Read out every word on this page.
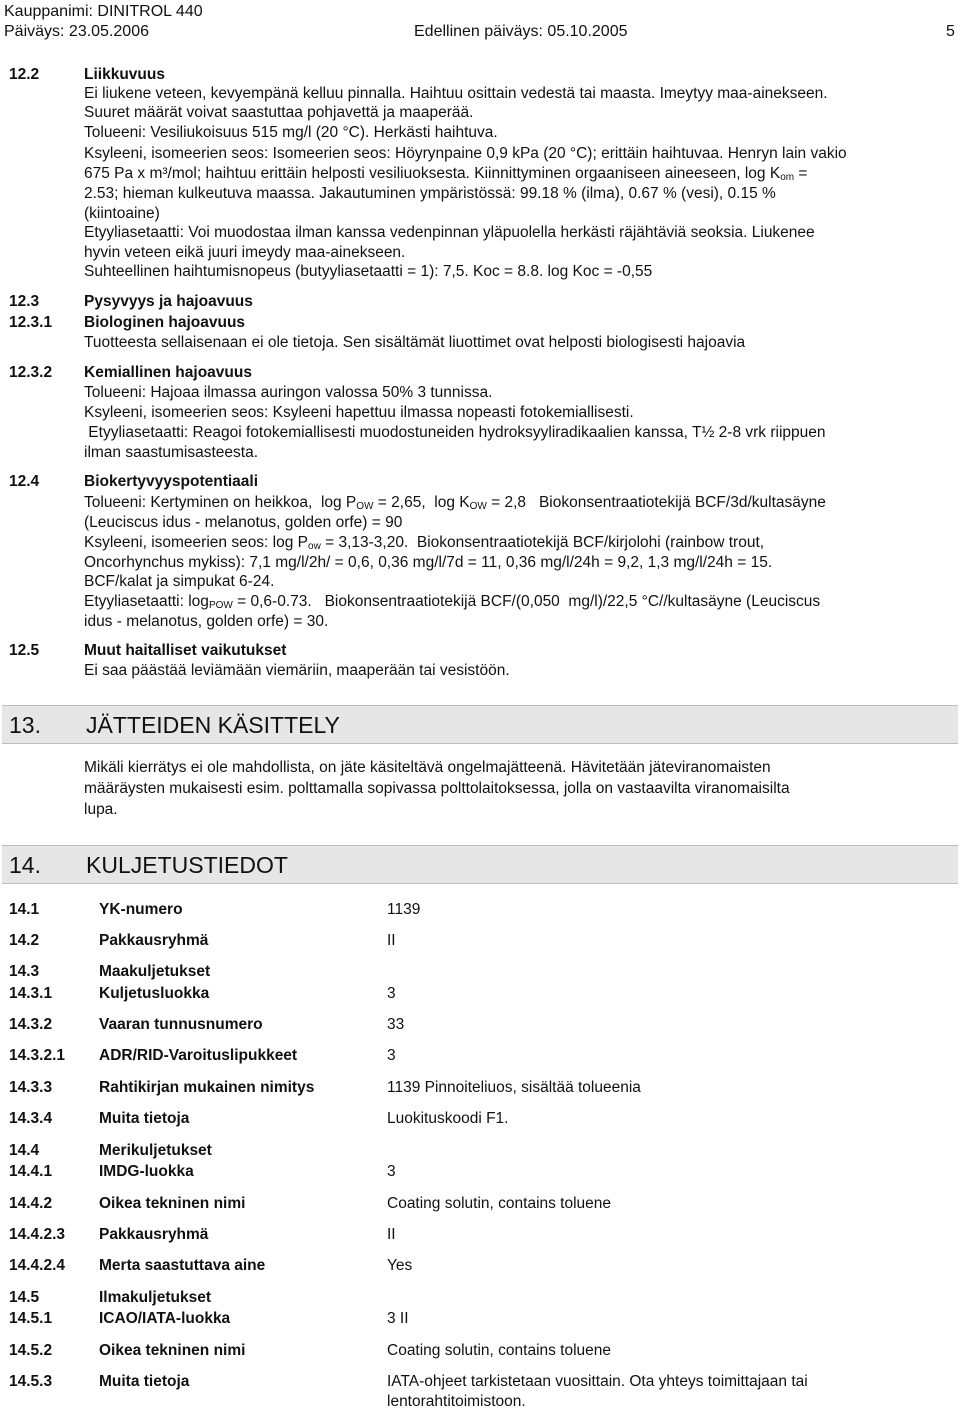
Kauppanimi: DINITROL 440
Päiväys: 23.05.2006	Edellinen päiväys: 05.10.2005	5
12.2	Liikkuvuus
Ei liukene veteen, kevyempänä kelluu pinnalla. Haihtuu osittain vedestä tai maasta. Imeytyy maa-ainekseen.
Suuret määrät voivat saastuttaa pohjavettä ja maaperää.
Tolueeni: Vesiliukoisuus 515 mg/l (20 °C). Herkästi haihtuva.
Ksyleeni, isomeerien seos: Isomeerien seos: Höyrynpaine 0,9 kPa (20 °C); erittäin haihtuvaa. Henryn lain vakio
675 Pa x m³/mol; haihtuu erittäin helposti vesiliuoksesta. Kiinnittyminen orgaaniseen aineeseen, $\log K_{om}$ =
2.53; hieman kulkeutuva maassa. Jakautuminen ympäristössä: 99.18 % (ilma), 0.67 % (vesi), 0.15 %
(kiintoaine)
Etyyliasetaatti: Voi muodostaa ilman kanssa vedenpinnan yläpuolella herkästi räjähtäviä seoksia. Liukenee
hyvin veteen eikä juuri imeydy maa-ainekseen.
Suhteellinen haihtumisnopeus (butyyliasetaatti = 1): 7,5. Koc = 8.8. log Koc = -0,55
12.3	Pysyvyys ja hajoavuus
12.3.1 Biologinen hajoavuus
Tuotteesta sellaisenaan ei ole tietoja. Sen sisältämät liuottimet ovat helposti biologisesti hajoavia
12.3.2 Kemiallinen hajoavuus
Tolueeni: Hajoaa ilmassa auringon valossa 50% 3 tunnissa.
Ksyleeni, isomeerien seos: Ksyleeni hapettuu ilmassa nopeasti fotokemiallisesti.
Etyyliasetaatti: Reagoi fotokemiallisesti muodostuneiden hydroksyyliradikaalien kanssa, T½ 2-8 vrk riippuen
ilman saastumisasteesta.
12.4	Biokertyvyyspotentiaali
Tolueeni: Kertyminen on heikkoa,  $\log P_{OW} = 2,65$,  $\log K_{OW} = 2,8$   Biokonsentraatiotekijä BCF/3d/kultasäyne
(Leuciscus idus - melanotus, golden orfe) = 90
Ksyleeni, isomeerien seos: $\log P_{ow} = 3,13-3,20$.  Biokonsentraatiotekijä BCF/kirjolohi (rainbow trout,
Oncorhynchus mykiss): 7,1 mg/l/2h/ = 0,6, 0,36 mg/l/7d = 11, 0,36 mg/l/24h = 9,2, 1,3 mg/l/24h = 15.
BCF/kalat ja simpukat 6-24.
Etyyliasetaatti: $\log_{POW} = 0,6-0.73$.   Biokonsentraatiotekijä BCF/(0,050  mg/l)/22,5 °C//kultasäyne (Leuciscus
idus - melanotus, golden orfe) = 30.
12.5	Muut haitalliset vaikutukset
Ei saa päästää leviämään viemäriin, maaperään tai vesistöön.
13. JÄTTEIDEN KÄSITTELY
Mikäli kierrätys ei ole mahdollista, on jäte käsiteltävä ongelmajätteenä. Hävitetään jäteviranomaisten
määräysten mukaisesti esim. polttamalla sopivassa polttolaitoksessa, jolla on vastaavilta viranomaisilta
lupa.
14. KULJETUSTIEDOT
14.1	YK-numero	1139
14.2	Pakkausryhmä	II
14.3	Maakuljetukset
14.3.1	Kuljetusluokka	3
14.3.2	Vaaran tunnusnumero	33
14.3.2.1 ADR/RID-Varoituslipukkeet	3
14.3.3	Rahtikirjan mukainen nimitys	1139 Pinnoiteliuos, sisältää tolueenia
14.3.4	Muita tietoja	Luokituskoodi F1.
14.4	Merikuljetukset
14.4.1	IMDG-luokka	3
14.4.2	Oikea tekninen nimi	Coating solutin, contains toluene
14.4.2.3 Pakkausryhmä	II
14.4.2.4 Merta saastuttava aine	Yes
14.5	Ilmakuljetukset
14.5.1	ICAO/IATA-luokka	3 II
14.5.2	Oikea tekninen nimi	Coating solutin, contains toluene
14.5.3	Muita tietoja	IATA-ohjeet tarkistetaan vuosittain. Ota yhteys toimittajaan tai
lentorahtitoimistoon.
